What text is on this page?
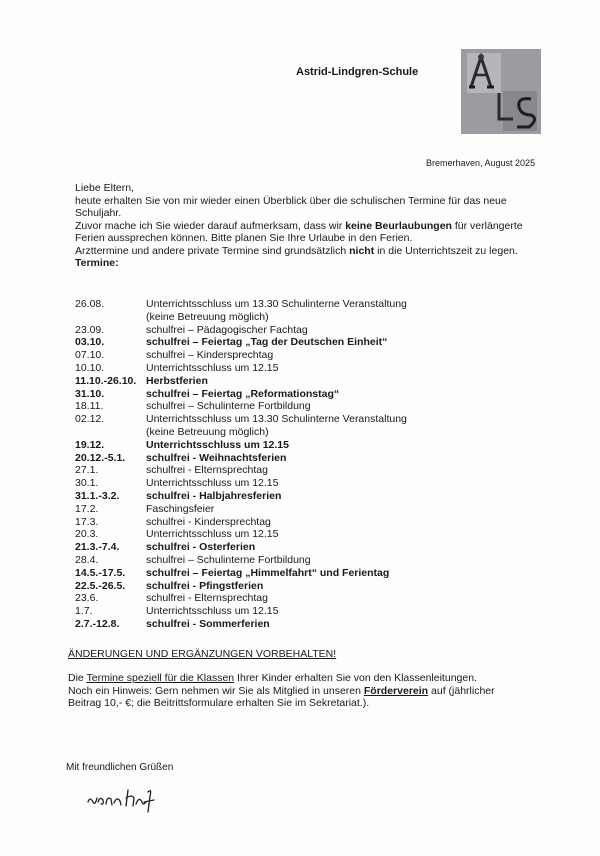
Astrid-Lindgren-Schule
Bremerhaven, August 2025

Liebe Eltern,

heute erhalten Sie von mir wieder einen Überblick über die schulischen Termine für das neue Schuljahr.

Zuvor mache ich Sie wieder darauf aufmerksam, dass wir keine Beurlaubungen für verlängerte Ferien aussprechen können. Bitte planen Sie Ihre Urlaube in den Ferien.

Arzttermine und andere private Termine sind grundsätzlich nicht in die Unterrichtszeit zu legen.

Termine:

26.08.	Unterrichtsschluss um 13.30 Schulinterne Veranstaltung
(keine Betreuung möglich)
23.09.	schulfrei – Pädagogischer Fachtag
03.10.	schulfrei – Feiertag „Tag der Deutschen Einheit“
07.10.	schulfrei – Kindersprechtag
10.10.	Unterrichtsschluss um 12.15
11.10.-26.10. Herbstferien
31.10.	schulfrei – Feiertag „Reformationstag“
18.11.	schulfrei – Schulinterne Fortbildung
02.12.	Unterrichtsschluss um 13.30 Schulinterne Veranstaltung
(keine Betreuung möglich)
19.12.	Unterrichtsschluss um 12.15
20.12.-5.1.	schulfrei - Weihnachtsferien
27.1.	schulfrei - Elternsprechtag
30.1.	Unterrichtsschluss um 12.15
31.1.-3.2.	schulfrei - Halbjahresferien
17.2.	Faschingsfeier
17.3.	schulfrei - Kindersprechtag
20.3.	Unterrichtsschluss um 12.15
21.3.-7.4.	schulfrei - Osterferien
28.4.	schulfrei – Schulinterne Fortbildung
14.5.-17.5.	schulfrei – Feiertag „Himmelfahrt“ und Ferientag
22.5.-26.5.	schulfrei - Pfingstferien
23.6.	schulfrei - Elternsprechtag
1.7.	Unterrichtsschluss um 12.15
2.7.-12.8.	schulfrei - Sommerferien
ÄNDERUNGEN UND ERGÄNZUNGEN VORBEHALTEN!

Die Termine speziell für die Klassen Ihrer Kinder erhalten Sie von den Klassenleitungen.

Noch ein Hinweis: Gern nehmen wir Sie als Mitglied in unseren Förderverein auf (jährlicher Beitrag 10,- €; die Beitrittsformulare erhalten Sie im Sekretariat.).

Mit freundlichen Grüßen
